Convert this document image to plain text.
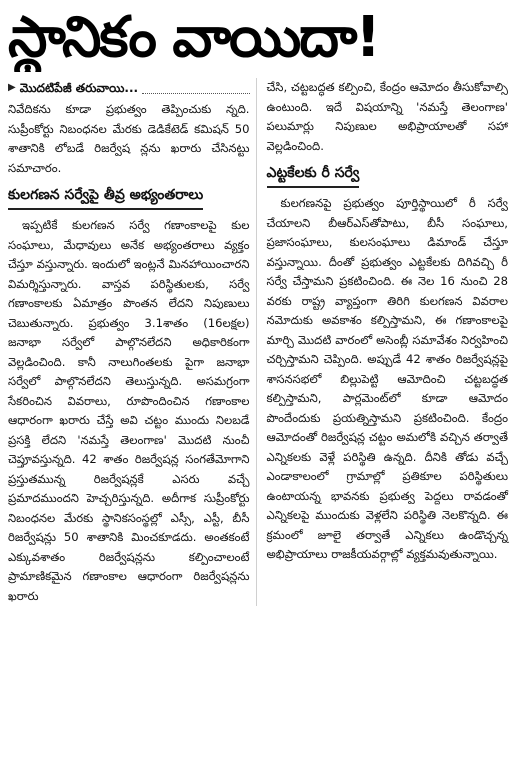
స్థానికం వాయిదా!
▶ మొదటిపేజీ తరువాయి...

నివేదికను కూడా ప్రభుత్వం తెప్పించుకు న్నది. సుప్రీంకోర్టు నిబంధనల మేరకు డెడికేటెడ్ కమిషన్ 50 శాతానికి లోబడే రిజర్వేష న్లను ఖరారు చేసినట్టు సమాచారం.

కులగణన సర్వేపై తీవ్ర అభ్యంతరాలు

ఇప్పటికే కులగణన సర్వే గణాంకాలపై కుల సంఘాలు, మేధావులు అనేక అభ్యంతరాలు వ్యక్తం చేస్తూ వస్తున్నారు. ఇందులో ఇంట్లనే మినహాయించారని విమర్శిస్తున్నారు. వాస్తవ పరిస్థితులకు, సర్వే గణాంకాలకు ఏమాత్రం పొంతన లేదని నిపుణులు చెబుతున్నారు. ప్రభుత్వం 3.1శాతం (16లక్షల) జనాభా సర్వేలో పాల్గొనలేదని అధికారికంగా వెల్లడించింది. కానీ నాలుగింతలకు పైగా జనాభా సర్వేలో పాల్గొనలేదని తెలుస్తున్నది. అసమగ్రంగా సేకరించిన వివరాలు, రూపొందించిన గణాంకాల ఆధారంగా ఖరారు చేస్తే అవి చట్టం ముందు నిలబడే ప్రసక్తి లేదని 'నమస్తే తెలంగాణ' మొదటి నుంచీ చెప్తూవస్తున్నది. 42 శాతం రిజర్వేషన్ల సంగతేమోగాని ప్రస్తుతమున్న రిజర్వేషన్లకే ఎసరు వచ్చే ప్రమాదముందని హెచ్చరిస్తున్నది. అదీగాక సుప్రీంకోర్టు నిబంధనల మేరకు స్థానికసంస్థల్లో ఎస్సీ, ఎస్టీ, బీసీ రిజర్వేషన్లు 50 శాతానికి మించకూడదు. అంతకంటే ఎక్కువశాతం రిజర్వేషన్లను కల్పించాలంటే ప్రామాణికమైన గణాంకాల ఆధారంగా రిజర్వేషన్లను ఖరారు

చేసి, చట్టబద్ధత కల్పించి, కేంద్రం ఆమోదం తీసుకోవాల్సి ఉంటుంది. ఇదే విషయాన్ని 'నమస్తే తెలంగాణ' పలుమార్లు నిపుణుల అభిప్రాయాలతో సహా వెల్లడించింది.

ఎట్టకేలకు రీ సర్వే

కులగణనపై ప్రభుత్వం పూర్తిస్థాయిలో రీ సర్వే చేయాలని బీఆర్ఎస్‌తోపాటు, బీసీ సంఘాలు, ప్రజాసంఘాలు, కులసంఘాలు డిమాండ్ చేస్తూ వస్తున్నాయి. దీంతో ప్రభుత్వం ఎట్టకేలకు దిగివచ్చి రీ సర్వే చేస్తామని ప్రకటించింది. ఈ నెల 16 నుంచి 28 వరకు రాష్ట్ర వ్యాప్తంగా తిరిగి కులగణన వివరాల నమోదుకు అవకాశం కల్పిస్తామని, ఈ గణాంకాలపై మార్చి మొదటి వారంలో అసెంబ్లీ సమావేశం నిర్వహించి చర్చిస్తామని చెప్పింది. అప్పుడే 42 శాతం రిజర్వేషన్లపై శాసనసభలో బిల్లుపెట్టి ఆమోదించి చట్టబద్ధత కల్పిస్తామని, పార్లమెంట్‌లో కూడా ఆమోదం పొందేందుకు ప్రయత్నిస్తామని ప్రకటించింది. కేంద్రం ఆమోదంతో రిజర్వేషన్ల చట్టం అమలోకి వచ్చిన తర్వాతే ఎన్నికలకు వెళ్లే పరిస్థితి ఉన్నది. దీనికి తోడు వచ్చే ఎండాకాలంలో గ్రామాల్లో ప్రతికూల పరిస్థితులు ఉంటాయన్న భావనకు ప్రభుత్వ పెద్దలు రావడంతో ఎన్నికలపై ముందుకు వెళ్లలేని పరిస్థితి నెలకొన్నది. ఈ క్రమంలో జూలై తర్వాతే ఎన్నికలు ఉండొచ్చన్న అభిప్రాయాలు రాజకీయవర్గాల్లో వ్యక్తమవుతున్నాయి.
